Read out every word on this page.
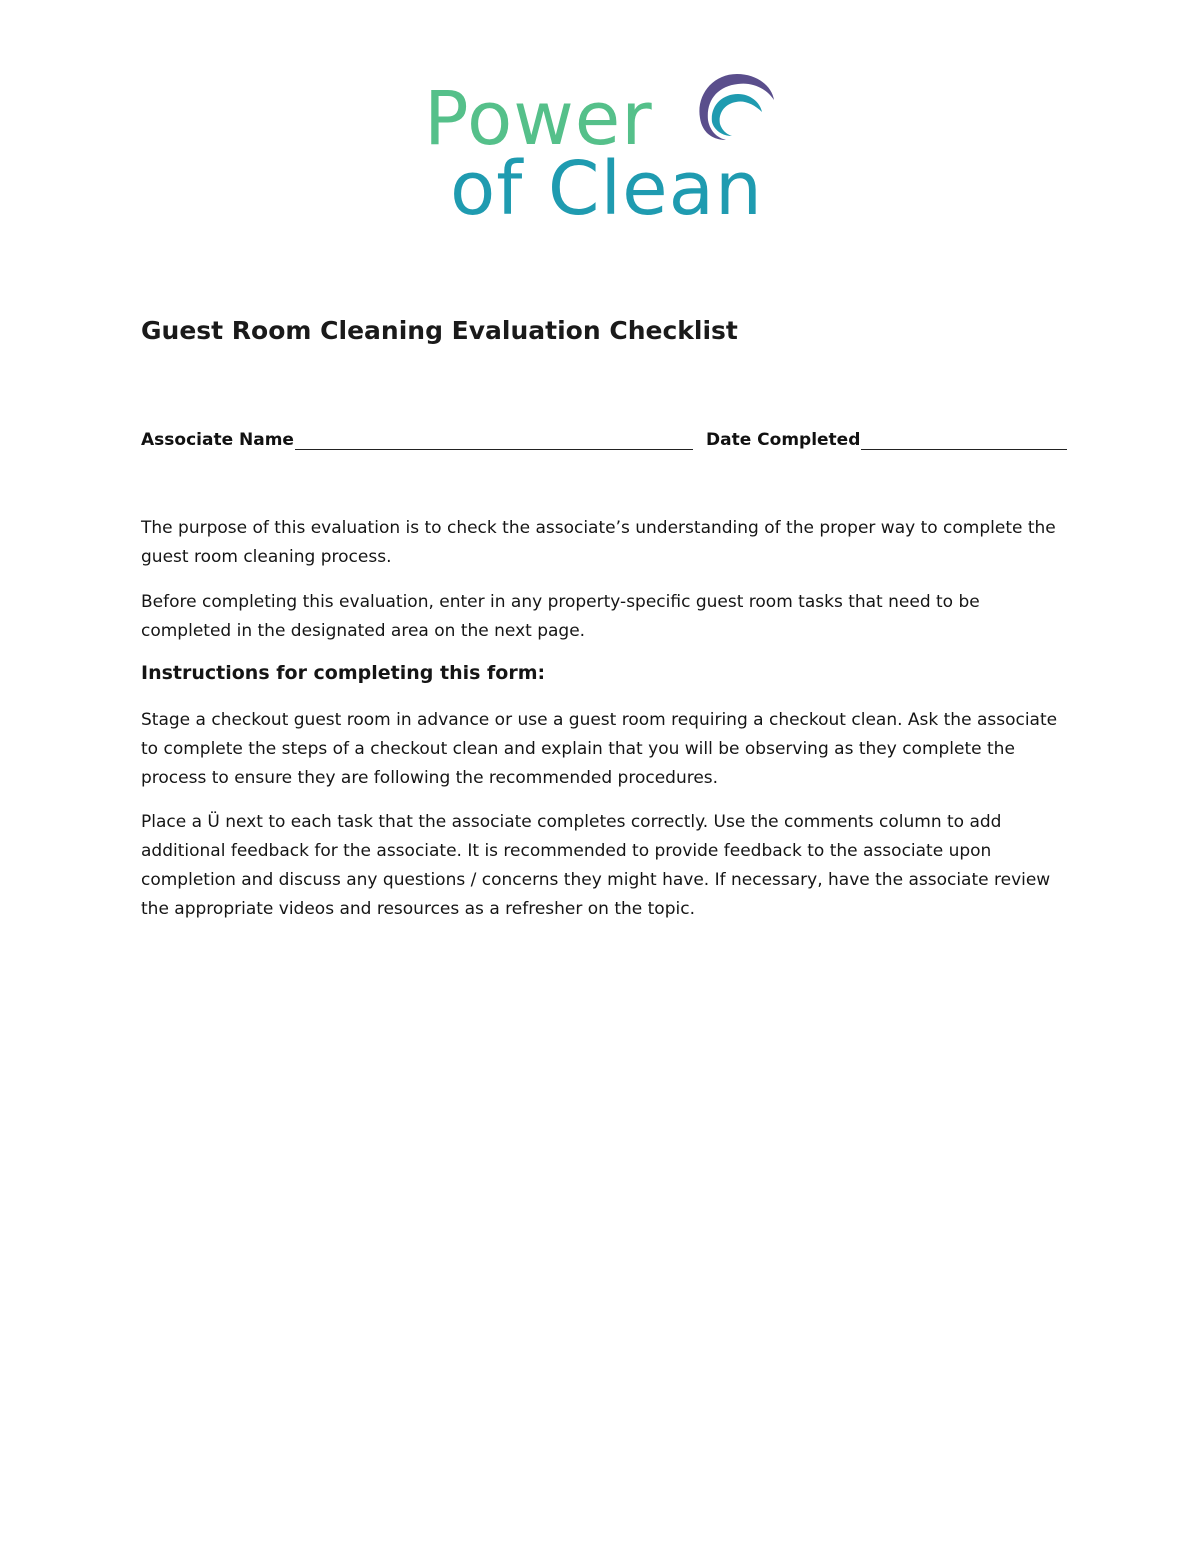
Power
of Clean
Guest Room Cleaning Evaluation Checklist
Associate Name	Date Completed

The purpose of this evaluation is to check the associate’s understanding of the proper way to complete the guest room cleaning process.

Before completing this evaluation, enter in any property-specific guest room tasks that need to be completed in the designated area on the next page.

Instructions for completing this form:

Stage a checkout guest room in advance or use a guest room requiring a checkout clean. Ask the associate to complete the steps of a checkout clean and explain that you will be observing as they complete the process to ensure they are following the recommended procedures.

Place a Ü next to each task that the associate completes correctly. Use the comments column to add additional feedback for the associate. It is recommended to provide feedback to the associate upon completion and discuss any questions / concerns they might have. If necessary, have the associate review the appropriate videos and resources as a refresher on the topic.
